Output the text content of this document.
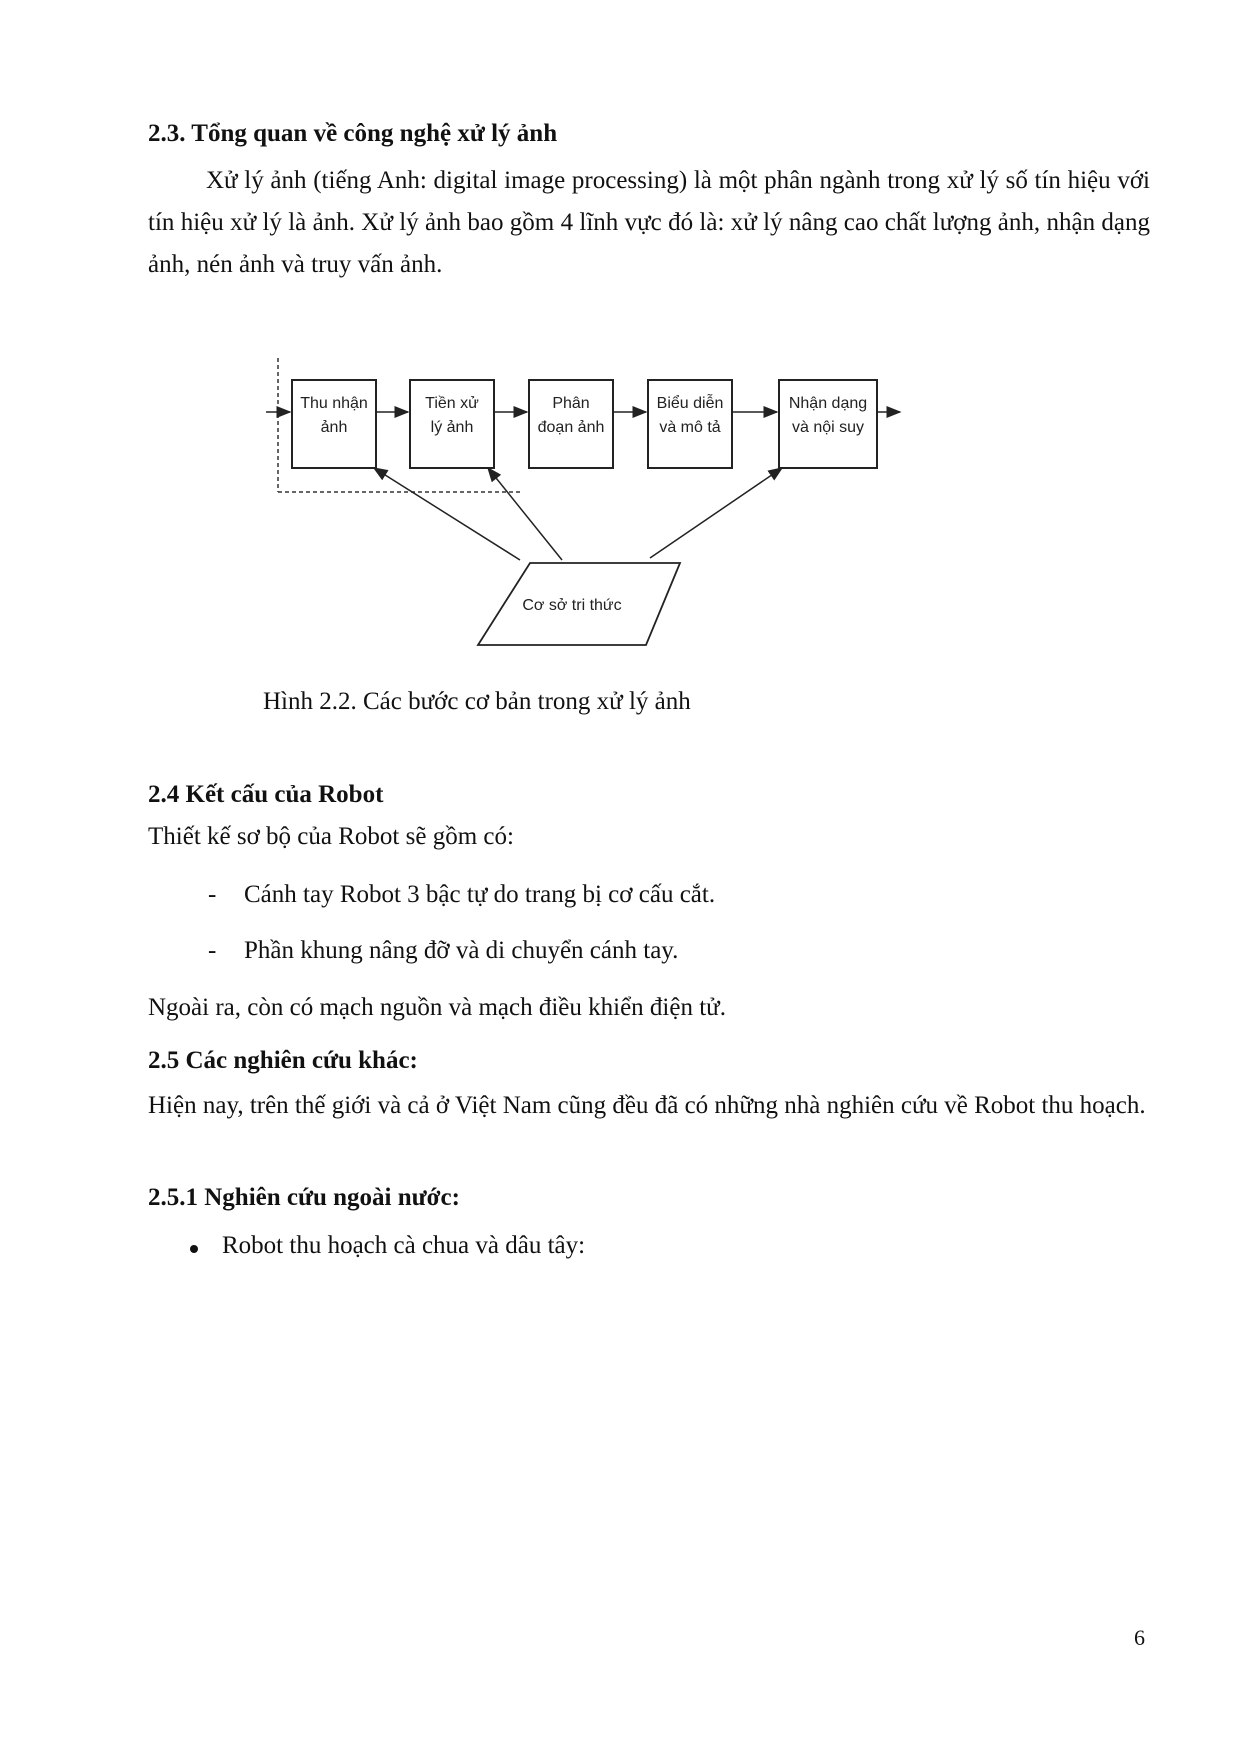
2.3. Tổng quan về công nghệ xử lý ảnh
Xử lý ảnh (tiếng Anh: digital image processing) là một phân ngành trong xử lý số tín hiệu với tín hiệu xử lý là ảnh. Xử lý ảnh bao gồm 4 lĩnh vực đó là: xử lý nâng cao chất lượng ảnh, nhận dạng ảnh, nén ảnh và truy vấn ảnh.
Thu nhận
ảnh
Tiền xử
lý ảnh
Phân
đoạn ảnh
Biểu diễn
và mô tả
Nhận dạng
và nội suy
Cơ sở tri thức
Hình 2.2. Các bước cơ bản trong xử lý ảnh
2.4 Kết cấu của Robot
Thiết kế sơ bộ của Robot sẽ gồm có:
- Cánh tay Robot 3 bậc tự do trang bị cơ cấu cắt.
- Phần khung nâng đỡ và di chuyển cánh tay.
Ngoài ra, còn có mạch nguồn và mạch điều khiển điện tử.
2.5 Các nghiên cứu khác:
Hiện nay, trên thế giới và cả ở Việt Nam cũng đều đã có những nhà nghiên cứu về Robot thu hoạch.
2.5.1 Nghiên cứu ngoài nước:
Robot thu hoạch cà chua và dâu tây:
6
